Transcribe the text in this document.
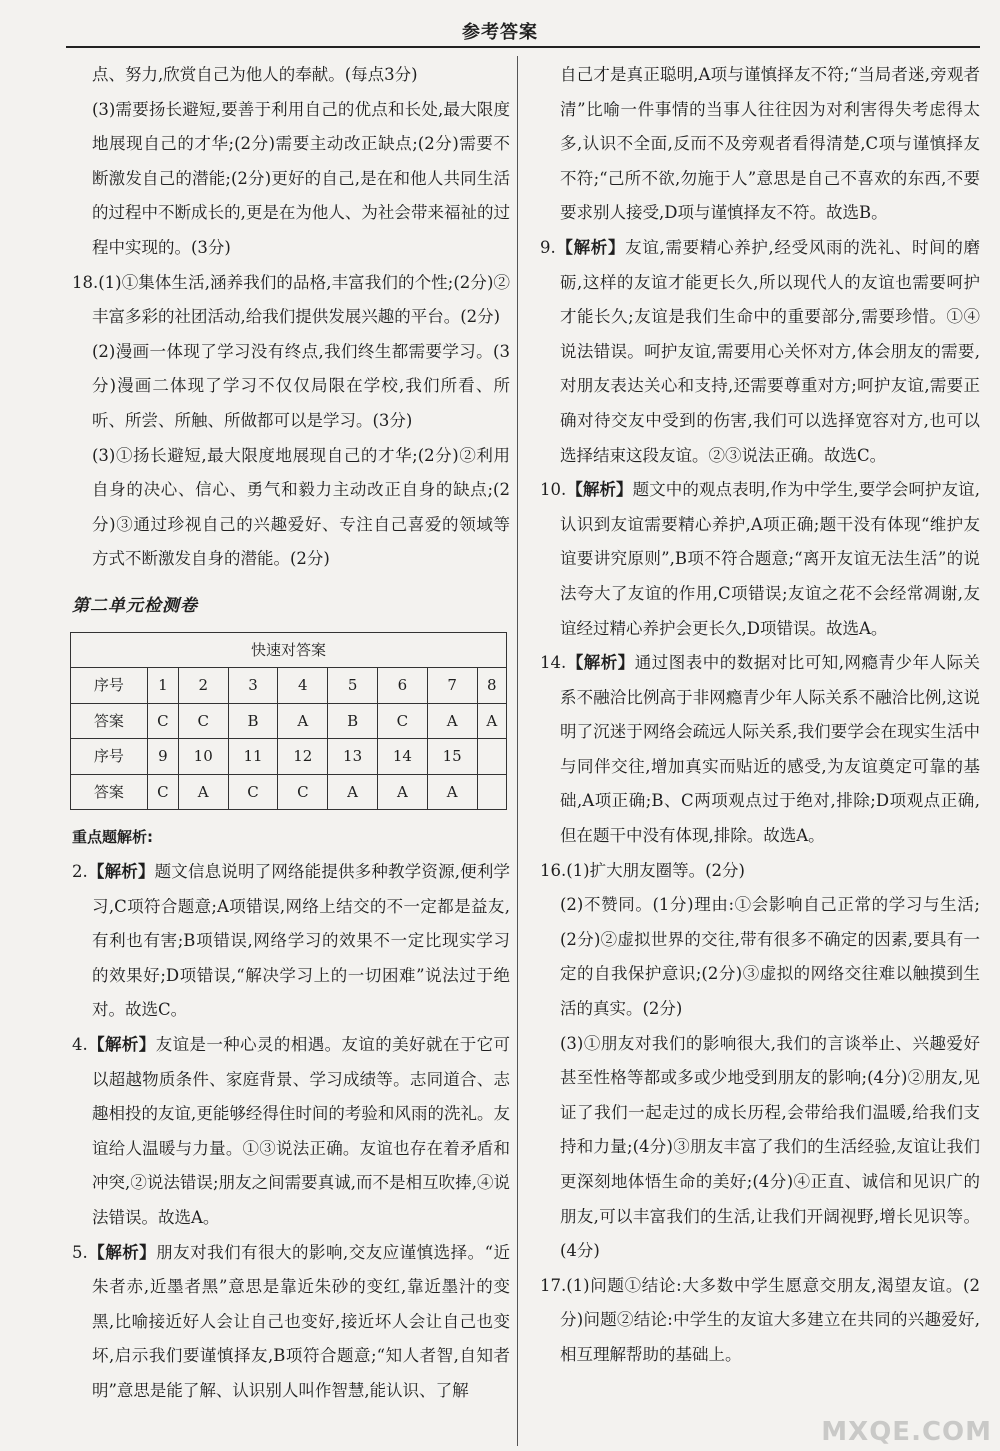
参考答案

点、努力,欣赏自己为他人的奉献。(每点3分)

(3)需要扬长避短,要善于利用自己的优点和长处,最大限度地展现自己的才华;(2分)需要主动改正缺点;(2分)需要不断激发自己的潜能;(2分)更好的自己,是在和他人共同生活的过程中不断成长的,更是在为他人、为社会带来福祉的过程中实现的。(3分)

18.(1)①集体生活,涵养我们的品格,丰富我们的个性;(2分)②丰富多彩的社团活动,给我们提供发展兴趣的平台。(2分)

(2)漫画一体现了学习没有终点,我们终生都需要学习。(3分)漫画二体现了学习不仅仅局限在学校,我们所看、所听、所尝、所触、所做都可以是学习。(3分)

(3)①扬长避短,最大限度地展现自己的才华;(2分)②利用自身的决心、信心、勇气和毅力主动改正自身的缺点;(2分)③通过珍视自己的兴趣爱好、专注自己喜爱的领域等方式不断激发自身的潜能。(2分)

第二单元检测卷

快速对答案								
序号	1	2	3	4	5	6	7	8
答案	C	C	B	A	B	C	A	A
序号	9	10	11	12	13	14	15	
答案	C	A	C	C	A	A	A	

重点题解析:

2.【解析】题文信息说明了网络能提供多种教学资源,便利学习,C项符合题意;A项错误,网络上结交的不一定都是益友,有利也有害;B项错误,网络学习的效果不一定比现实学习的效果好;D项错误,“解决学习上的一切困难”说法过于绝对。故选C。

4.【解析】友谊是一种心灵的相遇。友谊的美好就在于它可以超越物质条件、家庭背景、学习成绩等。志同道合、志趣相投的友谊,更能够经得住时间的考验和风雨的洗礼。友谊给人温暖与力量。①③说法正确。友谊也存在着矛盾和冲突,②说法错误;朋友之间需要真诚,而不是相互吹捧,④说法错误。故选A。

5.【解析】朋友对我们有很大的影响,交友应谨慎选择。“近朱者赤,近墨者黑”意思是靠近朱砂的变红,靠近墨汁的变黑,比喻接近好人会让自己也变好,接近坏人会让自己也变坏,启示我们要谨慎择友,B项符合题意;“知人者智,自知者明”意思是能了解、认识别人叫作智慧,能认识、了解

自己才是真正聪明,A项与谨慎择友不符;“当局者迷,旁观者清”比喻一件事情的当事人往往因为对利害得失考虑得太多,认识不全面,反而不及旁观者看得清楚,C项与谨慎择友不符;“己所不欲,勿施于人”意思是自己不喜欢的东西,不要要求别人接受,D项与谨慎择友不符。故选B。

9.【解析】友谊,需要精心养护,经受风雨的洗礼、时间的磨砺,这样的友谊才能更长久,所以现代人的友谊也需要呵护才能长久;友谊是我们生命中的重要部分,需要珍惜。①④说法错误。呵护友谊,需要用心关怀对方,体会朋友的需要,对朋友表达关心和支持,还需要尊重对方;呵护友谊,需要正确对待交友中受到的伤害,我们可以选择宽容对方,也可以选择结束这段友谊。②③说法正确。故选C。

10.【解析】题文中的观点表明,作为中学生,要学会呵护友谊,认识到友谊需要精心养护,A项正确;题干没有体现“维护友谊要讲究原则”,B项不符合题意;“离开友谊无法生活”的说法夸大了友谊的作用,C项错误;友谊之花不会经常凋谢,友谊经过精心养护会更长久,D项错误。故选A。

14.【解析】通过图表中的数据对比可知,网瘾青少年人际关系不融洽比例高于非网瘾青少年人际关系不融洽比例,这说明了沉迷于网络会疏远人际关系,我们要学会在现实生活中与同伴交往,增加真实而贴近的感受,为友谊奠定可靠的基础,A项正确;B、C两项观点过于绝对,排除;D项观点正确,但在题干中没有体现,排除。故选A。

16.(1)扩大朋友圈等。(2分)

(2)不赞同。(1分)理由:①会影响自己正常的学习与生活;(2分)②虚拟世界的交往,带有很多不确定的因素,要具有一定的自我保护意识;(2分)③虚拟的网络交往难以触摸到生活的真实。(2分)

(3)①朋友对我们的影响很大,我们的言谈举止、兴趣爱好甚至性格等都或多或少地受到朋友的影响;(4分)②朋友,见证了我们一起走过的成长历程,会带给我们温暖,给我们支持和力量;(4分)③朋友丰富了我们的生活经验,友谊让我们更深刻地体悟生命的美好;(4分)④正直、诚信和见识广的朋友,可以丰富我们的生活,让我们开阔视野,增长见识等。(4分)

17.(1)问题①结论:大多数中学生愿意交朋友,渴望友谊。(2分)问题②结论:中学生的友谊大多建立在共同的兴趣爱好,相互理解帮助的基础上。

MXQE.COM
